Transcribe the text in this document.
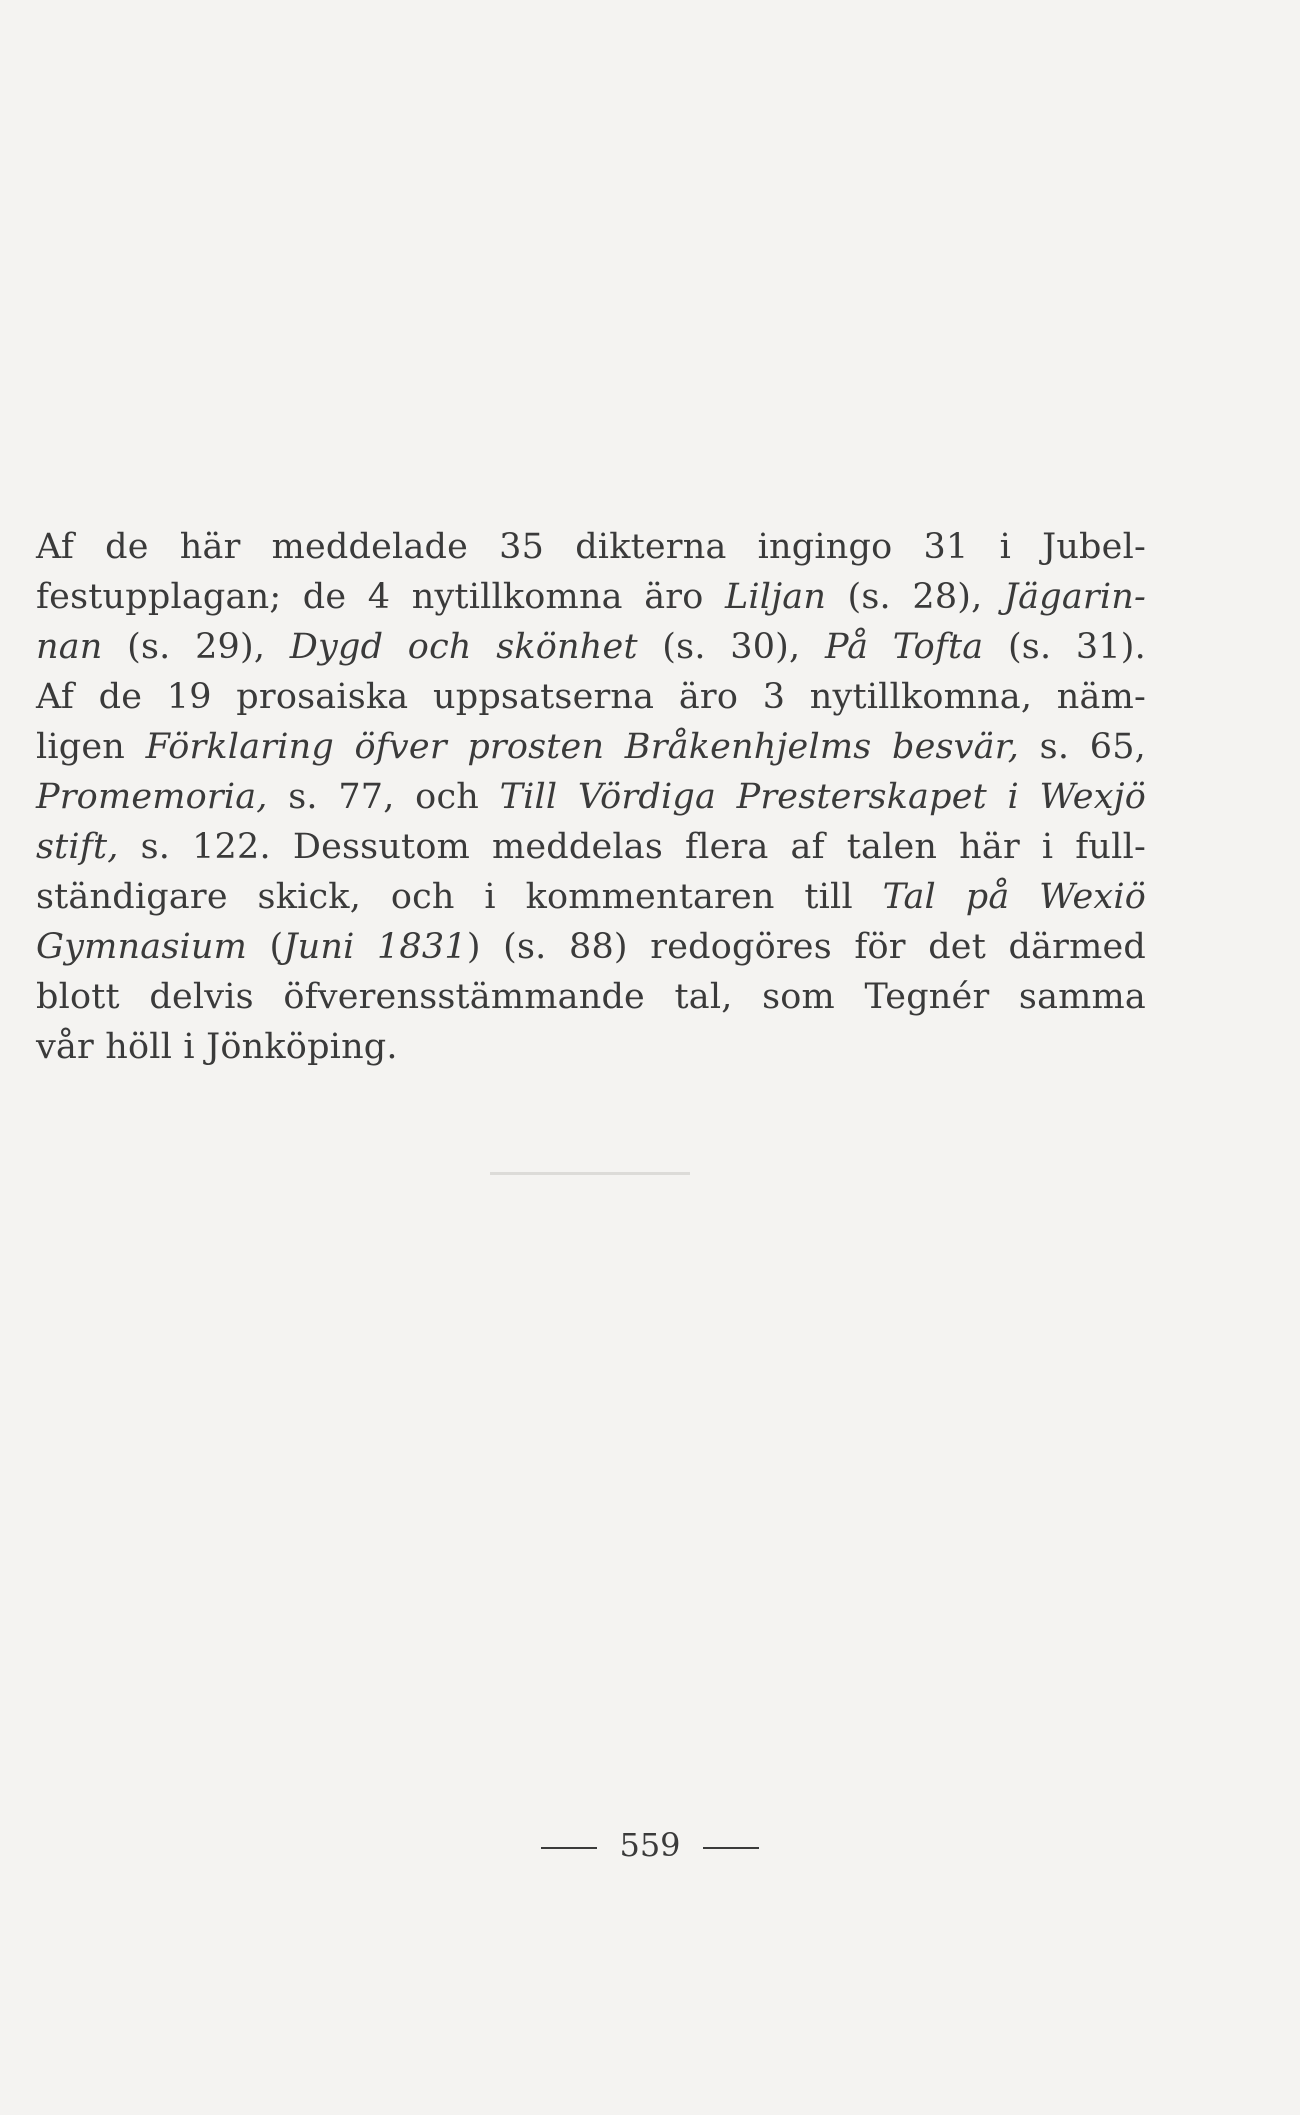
Af de här meddelade 35 dikterna ingingo 31 i Jubel-
festupplagan; de 4 nytillkomna äro Liljan (s. 28), Jägarin-
nan (s. 29), Dygd och skönhet (s. 30), På Tofta (s. 31).
Af de 19 prosaiska uppsatserna äro 3 nytillkomna, näm-
ligen Förklaring öfver prosten Bråkenhjelms besvär, s. 65,
Promemoria, s. 77, och Till Vördiga Presterskapet i Wexjö
stift, s. 122. Dessutom meddelas flera af talen här i full-
ständigare skick, och i kommentaren till Tal på Wexiö
Gymnasium (Juni 1831) (s. 88) redogöres för det därmed
blott delvis öfverensstämmande tal, som Tegnér samma
vår höll i Jönköping.
559
